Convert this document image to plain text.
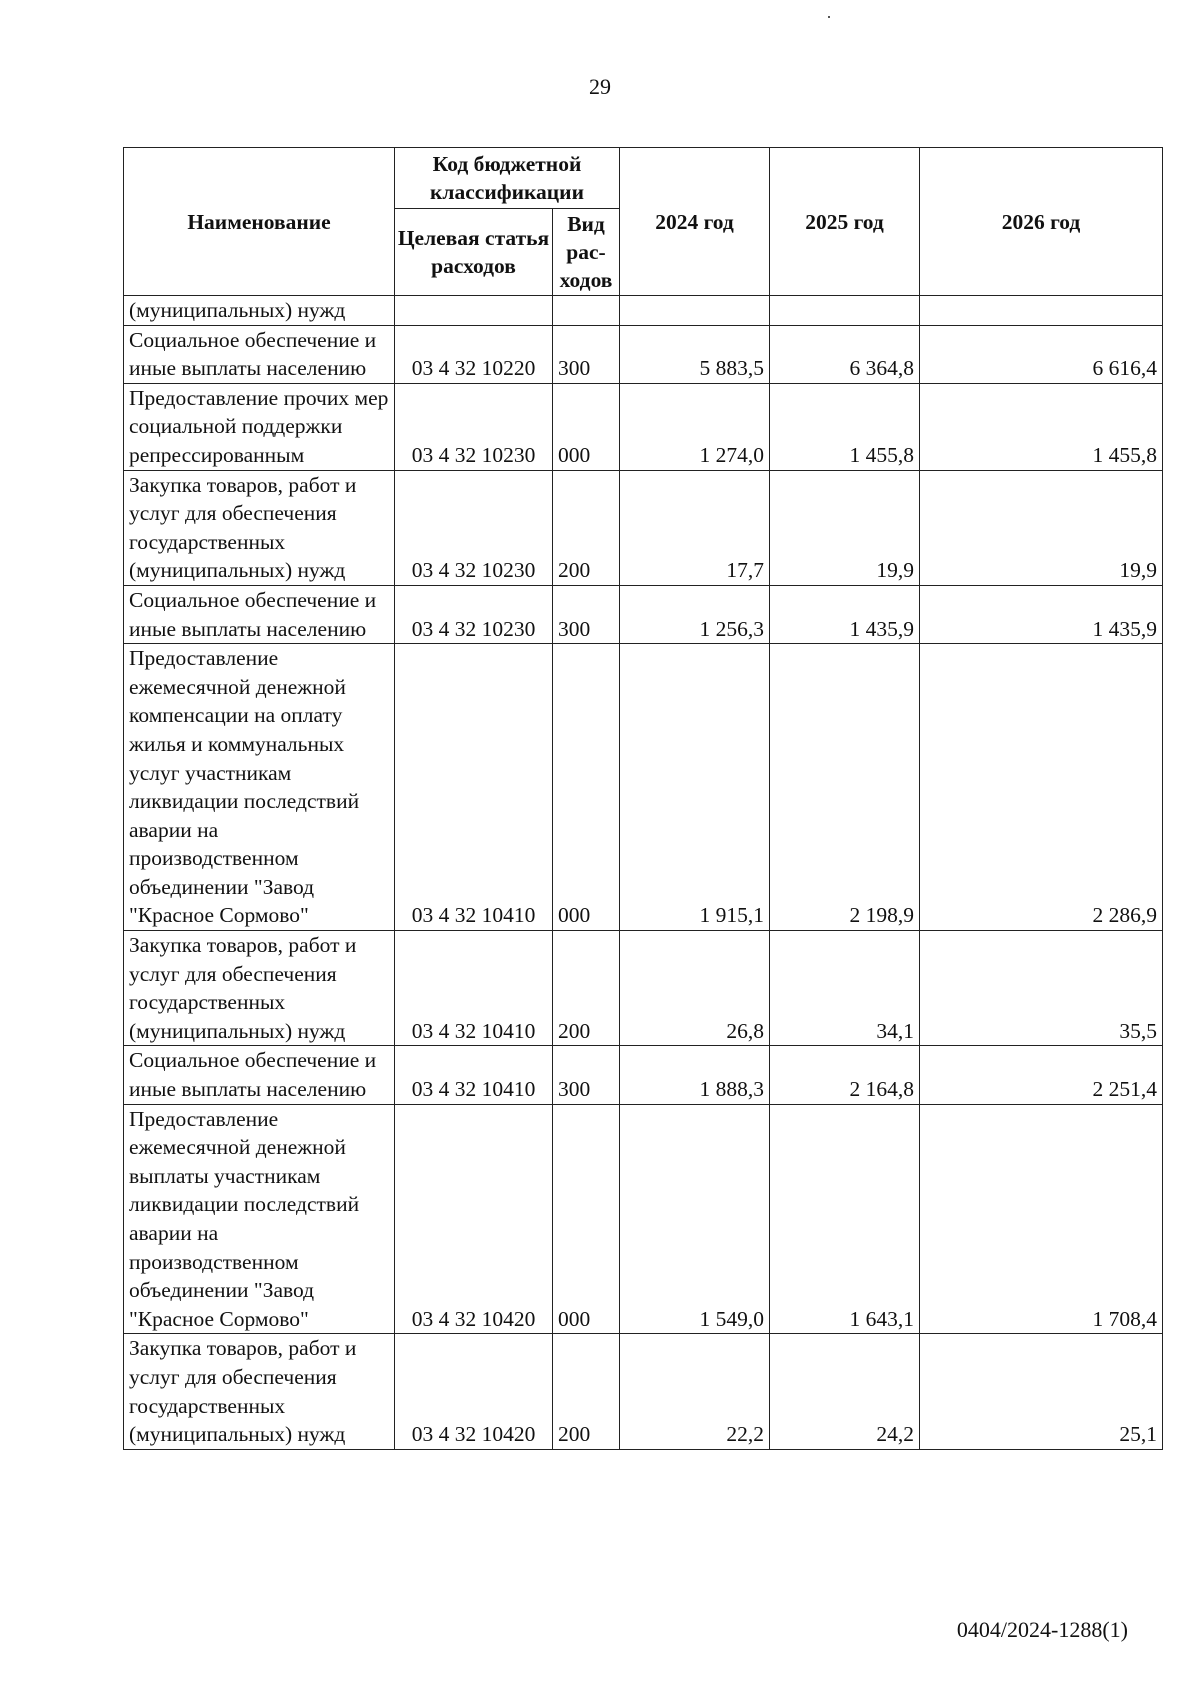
29
Наименование	Код бюджетной классификации		2024 год	2025 год	2026 год
	Целевая статья расходов	Вид рас-ходов			
(муниципальных) нужд					
Социальное обеспечение и иные выплаты населению	03 4 32 10220	300	5 883,5	6 364,8	6 616,4
Предоставление прочих мер социальной поддержки репрессированным	03 4 32 10230	000	1 274,0	1 455,8	1 455,8
Закупка товаров, работ и услуг для обеспечения государственных (муниципальных) нужд	03 4 32 10230	200	17,7	19,9	19,9
Социальное обеспечение и иные выплаты населению	03 4 32 10230	300	1 256,3	1 435,9	1 435,9
Предоставление ежемесячной денежной компенсации на оплату жилья и коммунальных услуг участникам ликвидации последствий аварии на производственном объединении "Завод "Красное Сормово"	03 4 32 10410	000	1 915,1	2 198,9	2 286,9
Закупка товаров, работ и услуг для обеспечения государственных (муниципальных) нужд	03 4 32 10410	200	26,8	34,1	35,5
Социальное обеспечение и иные выплаты населению	03 4 32 10410	300	1 888,3	2 164,8	2 251,4
Предоставление ежемесячной денежной выплаты участникам ликвидации последствий аварии на производственном объединении "Завод "Красное Сормово"	03 4 32 10420	000	1 549,0	1 643,1	1 708,4
Закупка товаров, работ и услуг для обеспечения государственных (муниципальных) нужд	03 4 32 10420	200	22,2	24,2	25,1
0404/2024-1288(1)
